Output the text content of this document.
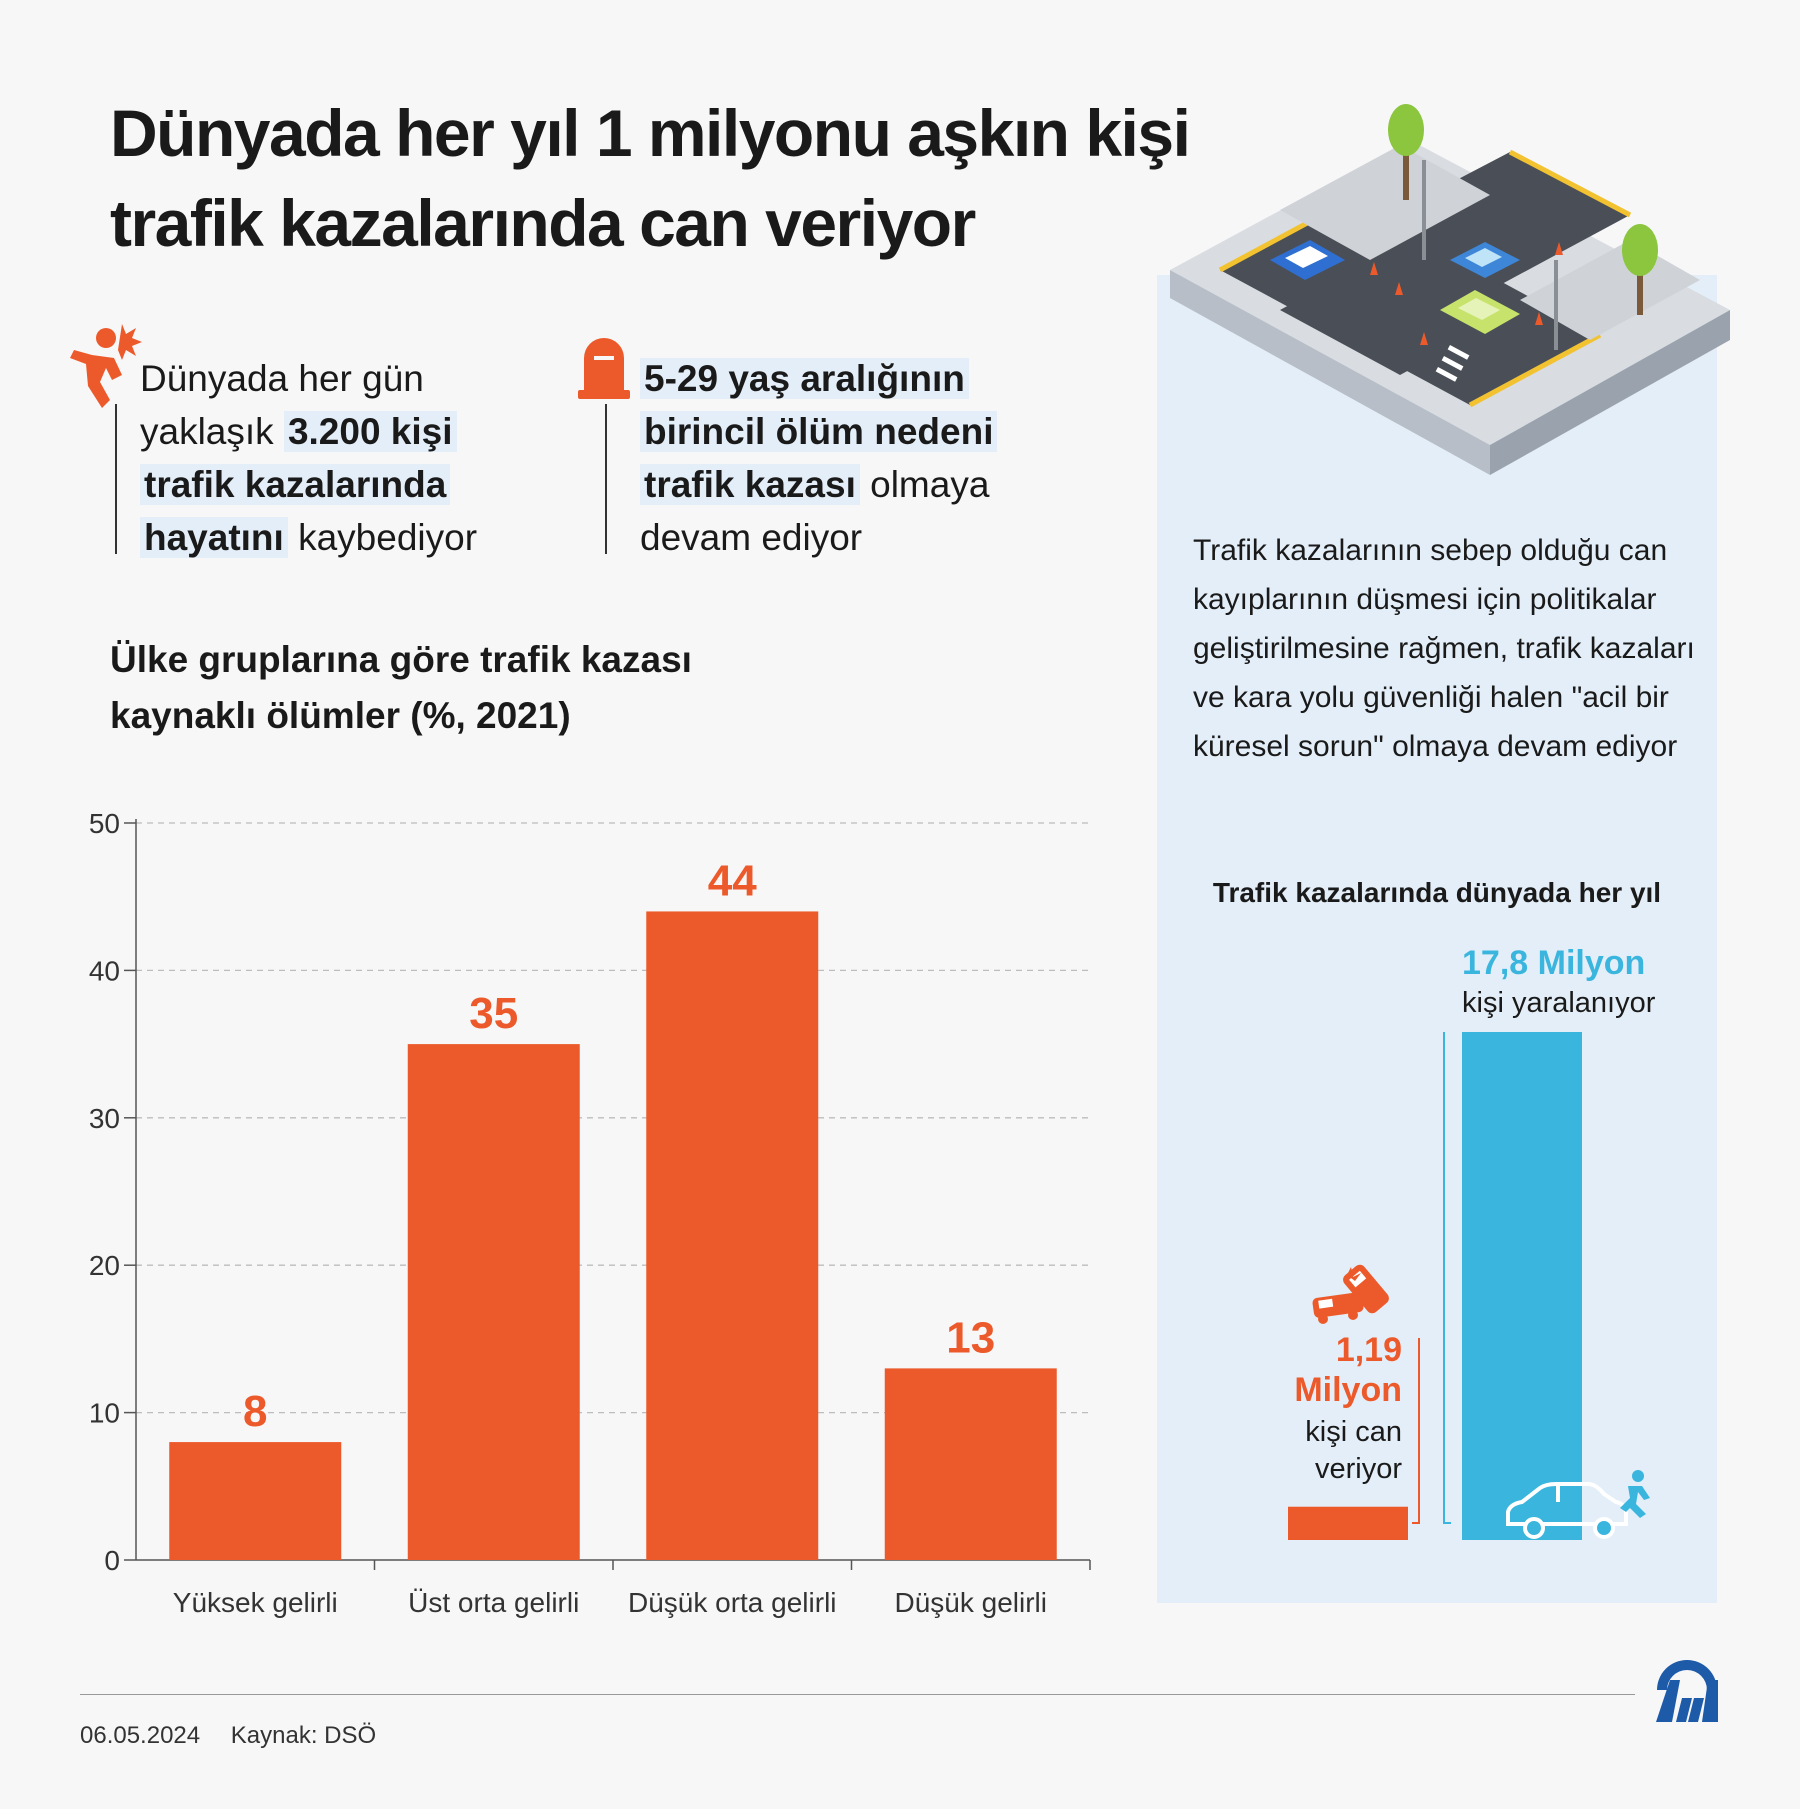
Dünyada her yıl 1 milyonu aşkın kişi
trafik kazalarında can veriyor
Dünyada her gün
yaklaşık 3.200 kişi
trafik kazalarında
hayatını kaybediyor
5-29 yaş aralığının
birincil ölüm nedeni
trafik kazası olmaya
devam ediyor
Ülke gruplarına göre trafik kazası
kaynaklı ölümler (%, 2021)
0
10
20
30
40
50
8
Yüksek gelirli
35
Üst orta gelirli
44
Düşük orta gelirli
13
Düşük gelirli
Trafik kazalarının sebep olduğu can kayıplarının düşmesi için politikalar geliştirilmesine rağmen, trafik kazaları ve kara yolu güvenliği halen "acil bir küresel sorun" olmaya devam ediyor
Trafik kazalarında dünyada her yıl
17,8 Milyon
kişi yaralanıyor
1,19
Milyon
kişi can
veriyor
06.05.2024 Kaynak: DSÖ
